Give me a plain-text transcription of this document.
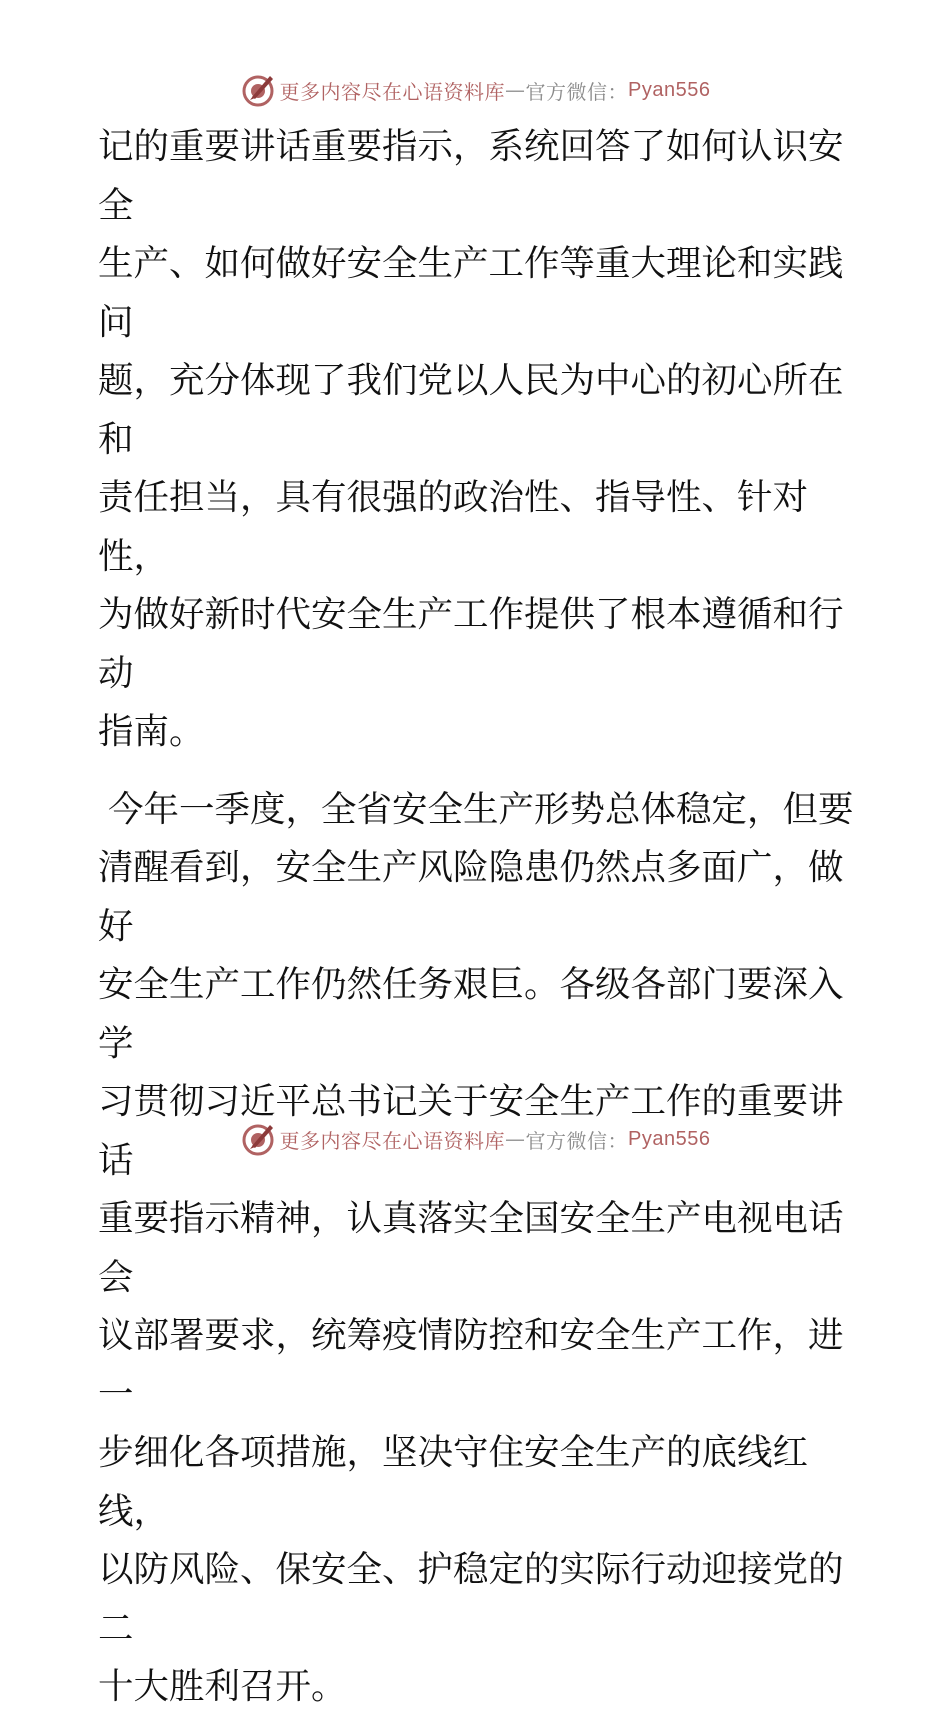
更多内容尽在心语资料库 — 官方微信： Pyan556
记的重要讲话重要指示，系统回答了如何认识安全
生产、如何做好安全生产工作等重大理论和实践问
题，充分体现了我们党以人民为中心的初心所在和
责任担当，具有很强的政治性、指导性、针对性，
为做好新时代安全生产工作提供了根本遵循和行动
指南。
今年一季度，全省安全生产形势总体稳定，但要
清醒看到，安全生产风险隐患仍然点多面广，做好
安全生产工作仍然任务艰巨。各级各部门要深入学
习贯彻习近平总书记关于安全生产工作的重要讲话
重要指示精神，认真落实全国安全生产电视电话会
议部署要求，统筹疫情防控和安全生产工作，进一
步细化各项措施，坚决守住安全生产的底线红线，
以防风险、保安全、护稳定的实际行动迎接党的二
十大胜利召开。
更多内容尽在心语资料库 — 官方微信： Pyan556
